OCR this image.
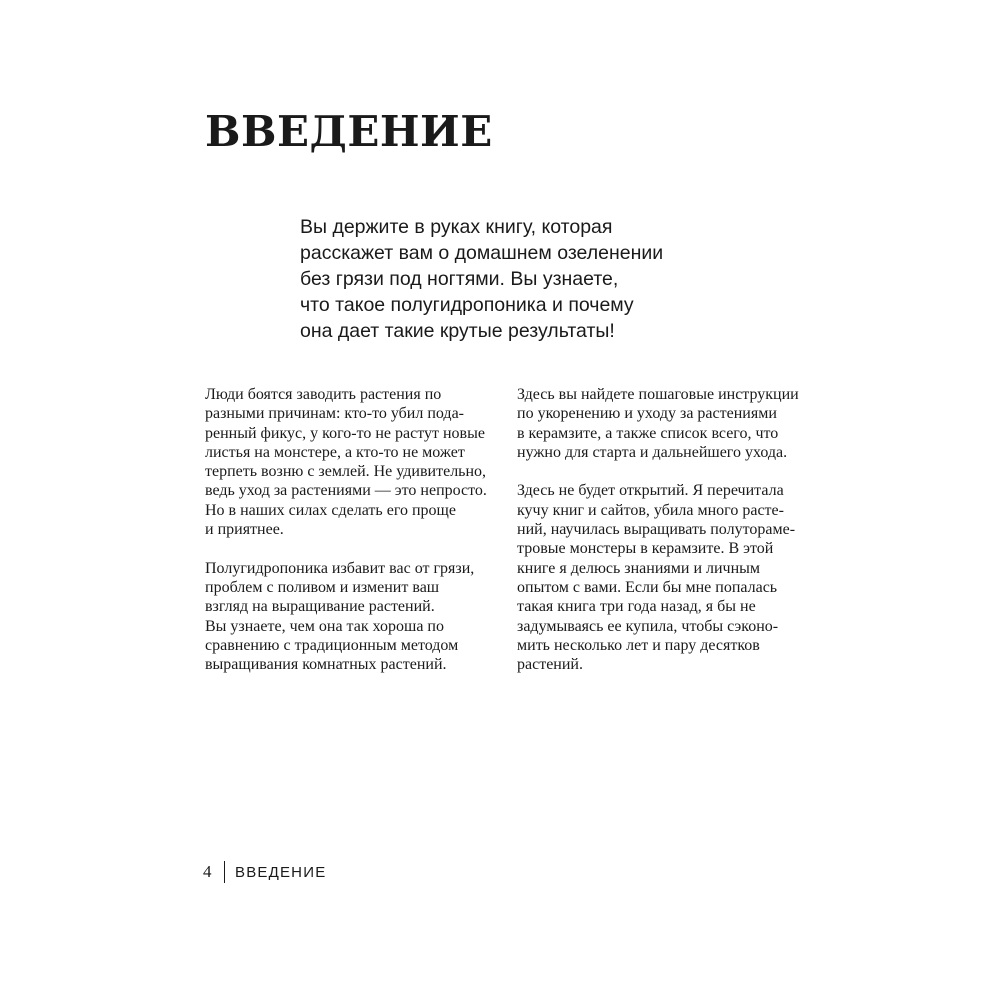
ВВЕДЕНИЕ
Вы держите в руках книгу, которая
расскажет вам о домашнем озеленении
без грязи под ногтями. Вы узнаете,
что такое полугидропоника и почему
она дает такие крутые результаты!

Люди боятся заводить растения по
разными причинам: кто-то убил пода-
ренный фикус, у кого-то не растут новые
листья на монстере, а кто-то не может
терпеть возню с землей. Не удивительно,
ведь уход за растениями — это непросто.
Но в наших силах сделать его проще
и приятнее.

Полугидропоника избавит вас от грязи,
проблем с поливом и изменит ваш
взгляд на выращивание растений.
Вы узнаете, чем она так хороша по
сравнению с традиционным методом
выращивания комнатных растений.

Здесь вы найдете пошаговые инструкции
по укоренению и уходу за растениями
в керамзите, а также список всего, что
нужно для старта и дальнейшего ухода.

Здесь не будет открытий. Я перечитала
кучу книг и сайтов, убила много расте-
ний, научилась выращивать полутораме-
тровые монстеры в керамзите. В этой
книге я делюсь знаниями и личным
опытом с вами. Если бы мне попалась
такая книга три года назад, я бы не
задумываясь ее купила, чтобы сэконо-
мить несколько лет и пару десятков
растений.

4 ВВЕДЕНИЕ
